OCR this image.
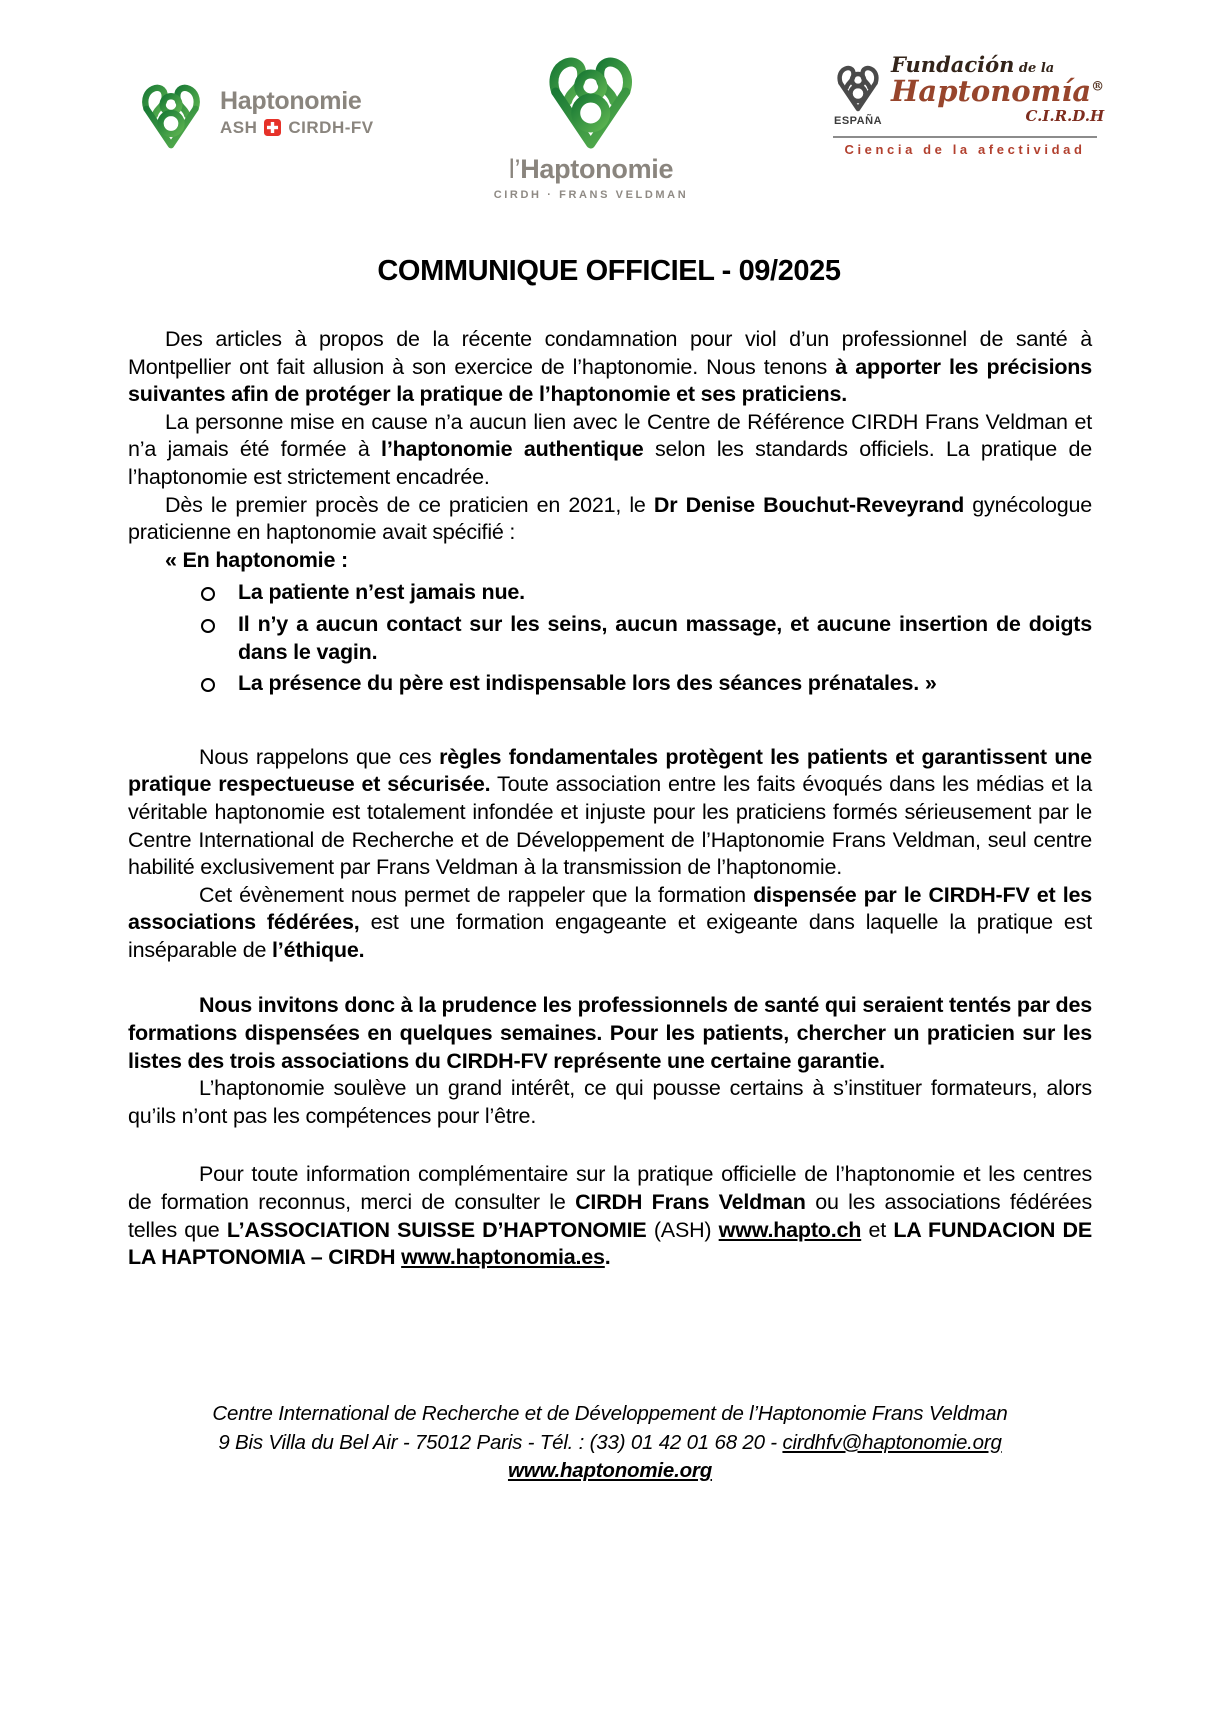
Haptonomie
ASH CIRDH-FV
l’Haptonomie
CIRDH · FRANS VELDMAN
ESPAÑA
Fundación de la
Haptonomía®
C.I.R.D.H
Ciencia de la afectividad
COMMUNIQUE OFFICIEL - 09/2025

Des articles à propos de la récente condamnation pour viol d’un professionnel de santé à Montpellier ont fait allusion à son exercice de l’haptonomie. Nous tenons à apporter les précisions suivantes afin de protéger la pratique de l’haptonomie et ses praticiens.

La personne mise en cause n’a aucun lien avec le Centre de Référence CIRDH Frans Veldman et n’a jamais été formée à l’haptonomie authentique selon les standards officiels. La pratique de l’haptonomie est strictement encadrée.

Dès le premier procès de ce praticien en 2021, le Dr Denise Bouchut-Reveyrand gynécologue praticienne en haptonomie avait spécifié :

« En haptonomie :

La patiente n’est jamais nue.
Il n’y a aucun contact sur les seins, aucun massage, et aucune insertion de doigts dans le vagin.
La présence du père est indispensable lors des séances prénatales. »

Nous rappelons que ces règles fondamentales protègent les patients et garantissent une pratique respectueuse et sécurisée. Toute association entre les faits évoqués dans les médias et la véritable haptonomie est totalement infondée et injuste pour les praticiens formés sérieusement par le Centre International de Recherche et de Développement de l’Haptonomie Frans Veldman, seul centre habilité exclusivement par Frans Veldman à la transmission de l’haptonomie.

Cet évènement nous permet de rappeler que la formation dispensée par le CIRDH-FV et les associations fédérées, est une formation engageante et exigeante dans laquelle la pratique est inséparable de l’éthique.

Nous invitons donc à la prudence les professionnels de santé qui seraient tentés par des formations dispensées en quelques semaines. Pour les patients, chercher un praticien sur les listes des trois associations du CIRDH-FV représente une certaine garantie.

L’haptonomie soulève un grand intérêt, ce qui pousse certains à s’instituer formateurs, alors qu’ils n’ont pas les compétences pour l’être.

Pour toute information complémentaire sur la pratique officielle de l’haptonomie et les centres de formation reconnus, merci de consulter le CIRDH Frans Veldman ou les associations fédérées telles que L’ASSOCIATION SUISSE D’HAPTONOMIE (ASH) www.hapto.ch et LA FUNDACION DE LA HAPTONOMIA – CIRDH www.haptonomia.es.

Centre International de Recherche et de Développement de l’Haptonomie Frans Veldman
9 Bis Villa du Bel Air - 75012 Paris - Tél. : (33) 01 42 01 68 20 - cirdhfv@haptonomie.org
www.haptonomie.org
